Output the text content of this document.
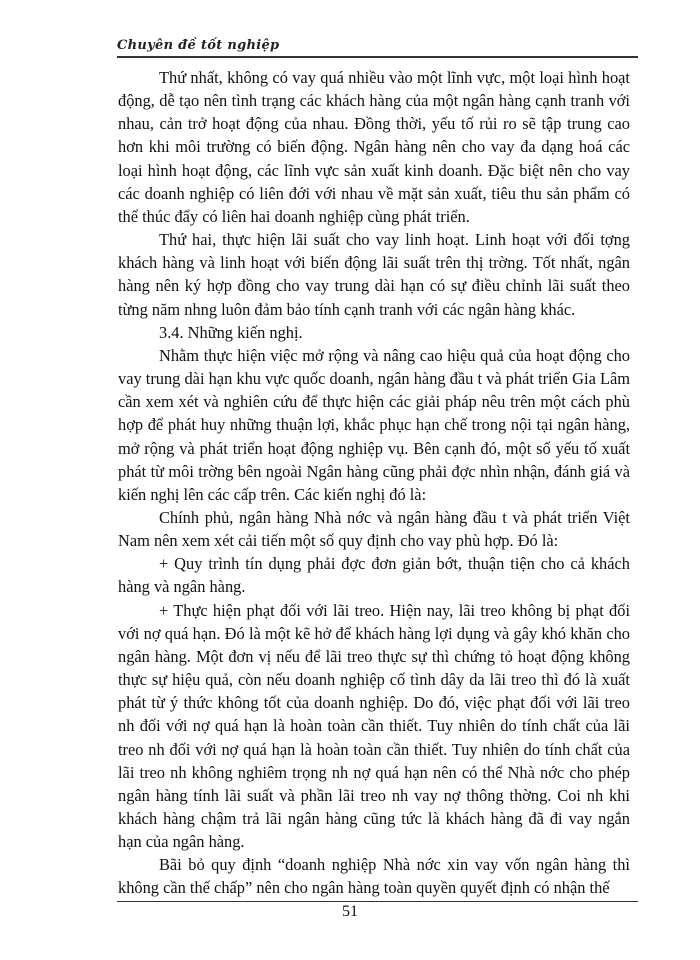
Chuyên đề tốt nghiệp

Thứ nhất, không có vay quá nhiều vào một lĩnh vực, một loại hình hoạt động, dễ tạo nên tình trạng các khách hàng của một ngân hàng cạnh tranh với nhau, cản trở hoạt động của nhau. Đồng thời, yếu tố rủi ro sẽ tập trung cao hơn khi môi trường có biến động. Ngân hàng nên cho vay đa dạng hoá các loại hình hoạt động, các lĩnh vực sản xuất kinh doanh. Đặc biệt nên cho vay các doanh nghiệp có liên đới với nhau về mặt sản xuất, tiêu thu sản phẩm có thể thúc đẩy có liên hai doanh nghiệp cùng phát triển.

Thứ hai, thực hiện lãi suất cho vay linh hoạt. Linh hoạt với đối tợng khách hàng và linh hoạt với biến động lãi suất trên thị trờng. Tốt nhất, ngân hàng nên ký hợp đồng cho vay trung dài hạn có sự điều chỉnh lãi suất theo từng năm nhng luôn đảm bảo tính cạnh tranh với các ngân hàng khác.

3.4. Những kiến nghị.

Nhằm thực hiện việc mở rộng và nâng cao hiệu quả của hoạt động cho vay trung dài hạn khu vực quốc doanh, ngân hàng đầu t và phát triển Gia Lâm cần xem xét và nghiên cứu để thực hiện các giải pháp nêu trên một cách phù hợp để phát huy những thuận lợi, khắc phục hạn chế trong nội tại ngân hàng, mở rộng và phát triển hoạt động nghiệp vụ. Bên cạnh đó, một số yếu tố xuất phát từ môi trờng bên ngoài Ngân hàng cũng phải đợc nhìn nhận, đánh giá và kiến nghị lên các cấp trên. Các kiến nghị đó là:

Chính phủ, ngân hàng Nhà nớc và ngân hàng đầu t và phát triển Việt Nam nên xem xét cải tiến một số quy định cho vay phù hợp. Đó là:

+ Quy trình tín dụng phải đợc đơn giản bớt, thuận tiện cho cả khách hàng và ngân hàng.

+ Thực hiện phạt đối với lãi treo. Hiện nay, lãi treo không bị phạt đối với nợ quá hạn. Đó là một kẽ hở để khách hàng lợi dụng và gây khó khăn cho ngân hàng. Một đơn vị nếu để lãi treo thực sự thì chứng tỏ hoạt động không thực sự hiệu quả, còn nếu doanh nghiệp cố tình dây da lãi treo thì đó là xuất phát từ ý thức không tốt của doanh nghiệp. Do đó, việc phạt đối với lãi treo nh đối với nợ quá hạn là hoàn toàn cần thiết. Tuy nhiên do tính chất của lãi treo nh đối với nợ quá hạn là hoàn toàn cần thiết. Tuy nhiên do tính chất của lãi treo nh không nghiêm trọng nh nợ quá hạn nên có thể Nhà nớc cho phép ngân hàng tính lãi suất và phần lãi treo nh vay nợ thông thờng. Coi nh khi khách hàng chậm trả lãi ngân hàng cũng tức là khách hàng đã đi vay ngắn hạn của ngân hàng.

Bãi bỏ quy định “doanh nghiệp Nhà nớc xin vay vốn ngân hàng thì không cần thế chấp” nên cho ngân hàng toàn quyền quyết định có nhận thế

51
